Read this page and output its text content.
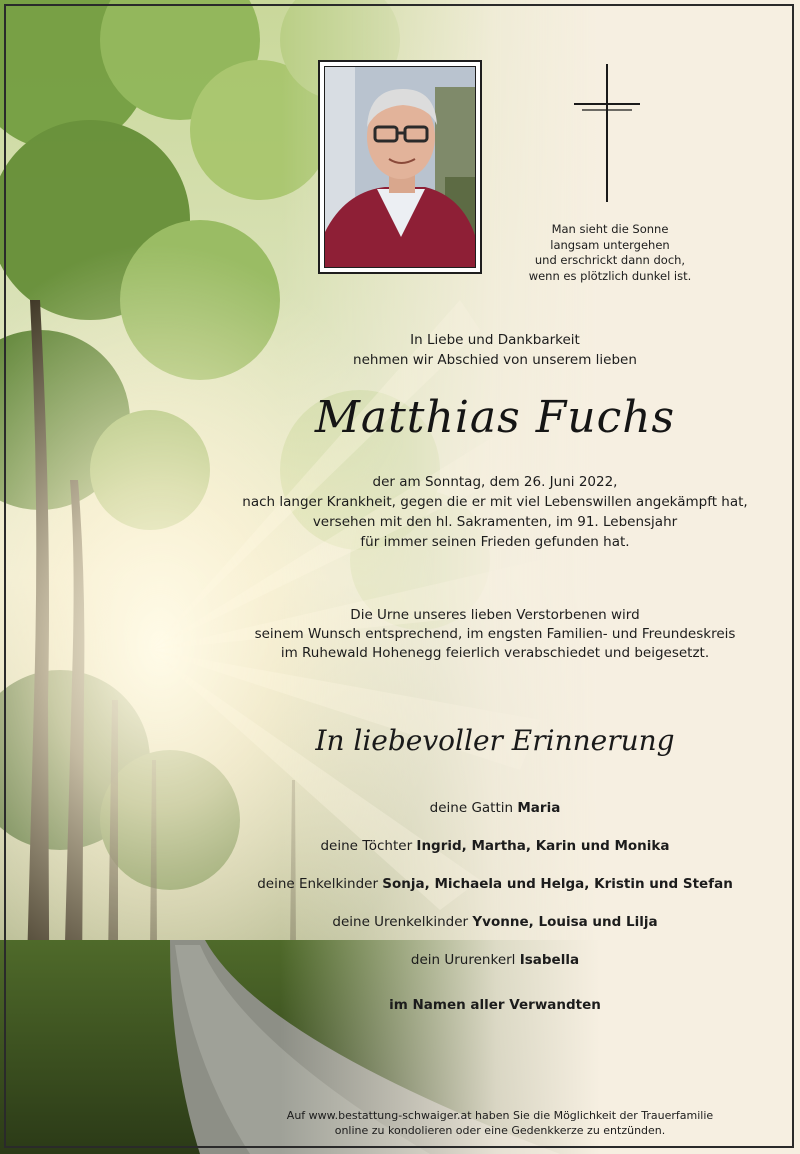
Man sieht die Sonne
langsam untergehen
und erschrickt dann doch,
wenn es plötzlich dunkel ist.
In Liebe und Dankbarkeit
nehmen wir Abschied von unserem lieben
Matthias Fuchs
der am Sonntag, dem 26. Juni 2022,
nach langer Krankheit, gegen die er mit viel Lebenswillen angekämpft hat,
versehen mit den hl. Sakramenten, im 91. Lebensjahr
für immer seinen Frieden gefunden hat.
Die Urne unseres lieben Verstorbenen wird
seinem Wunsch entsprechend, im engsten Familien- und Freundeskreis
im Ruhewald Hohenegg feierlich verabschiedet und beigesetzt.
In liebevoller Erinnerung
deine Gattin Maria
deine Töchter Ingrid, Martha, Karin und Monika
deine Enkelkinder Sonja, Michaela und Helga, Kristin und Stefan
deine Urenkelkinder Yvonne, Louisa und Lilja
dein Ururenkerl Isabella
im Namen aller Verwandten
Auf www.bestattung-schwaiger.at haben Sie die Möglichkeit der Trauerfamilie
online zu kondolieren oder eine Gedenkkerze zu entzünden.
